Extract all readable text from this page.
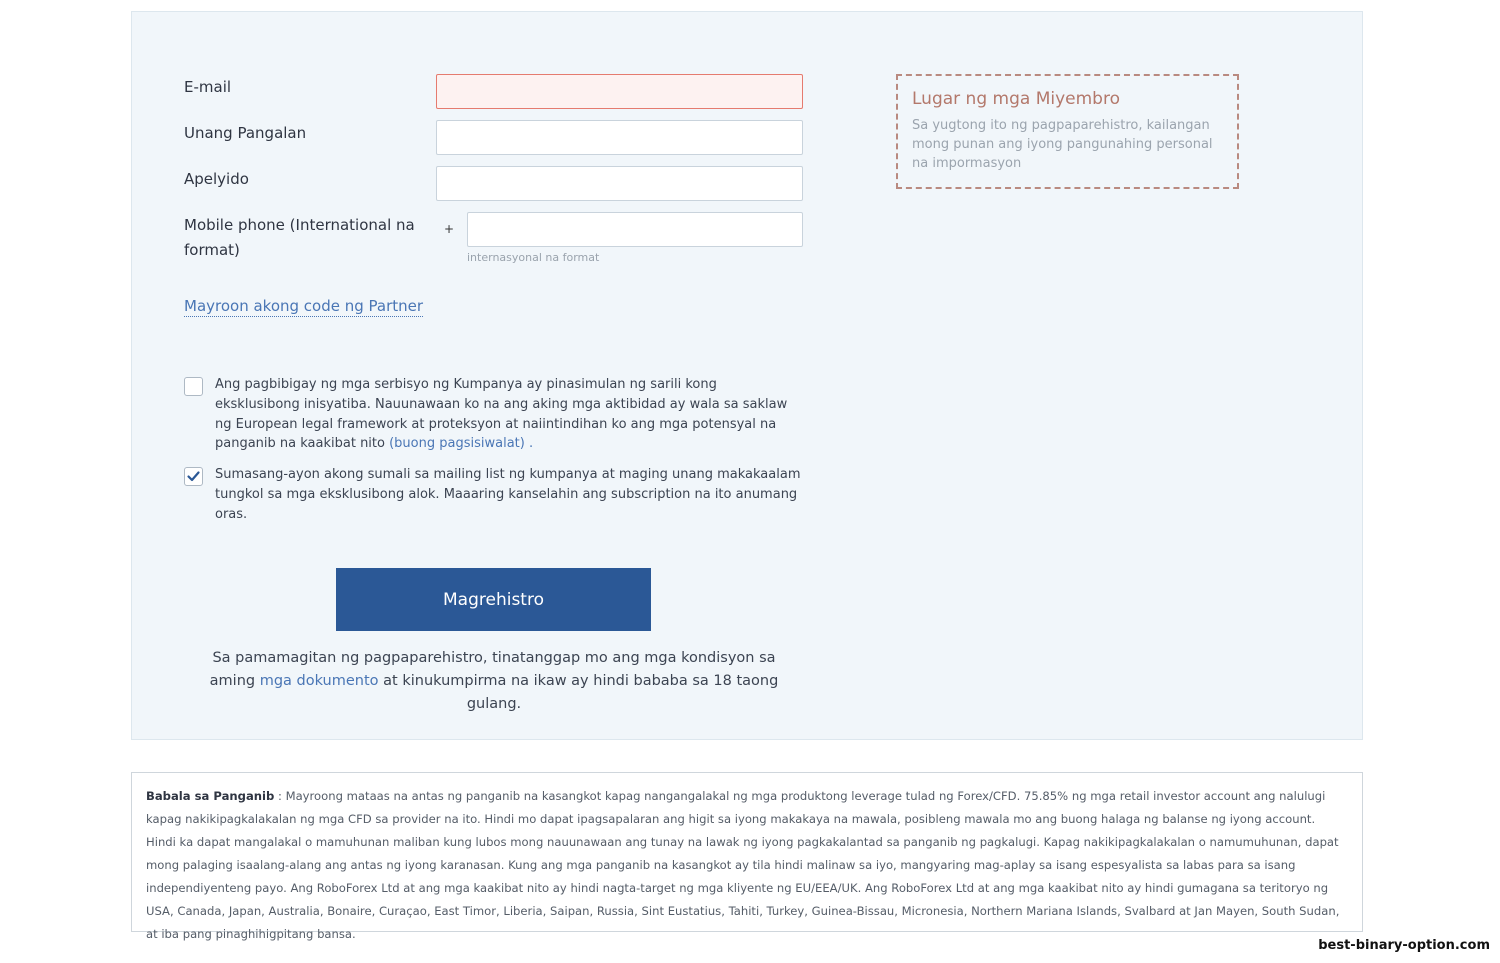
E-mail
Unang Pangalan
Apelyido
Mobile phone (International na format)
+
internasyonal na format
Mayroon akong code ng Partner
Ang pagbibigay ng mga serbisyo ng Kumpanya ay pinasimulan ng sarili kong eksklusibong inisyatiba. Nauunawaan ko na ang aking mga aktibidad ay wala sa saklaw ng European legal framework at proteksyon at naiintindihan ko ang mga potensyal na panganib na kaakibat nito (buong pagsisiwalat) .
Sumasang-ayon akong sumali sa mailing list ng kumpanya at maging unang makakaalam tungkol sa mga eksklusibong alok. Maaaring kanselahin ang subscription na ito anumang oras.
Magrehistro
Sa pamamagitan ng pagpaparehistro, tinatanggap mo ang mga kondisyon sa aming mga dokumento at kinukumpirma na ikaw ay hindi bababa sa 18 taong gulang.
Lugar ng mga Miyembro
Sa yugtong ito ng pagpaparehistro, kailangan mong punan ang iyong pangunahing personal na impormasyon
Babala sa Panganib : Mayroong mataas na antas ng panganib na kasangkot kapag nangangalakal ng mga produktong leverage tulad ng Forex/CFD. 75.85% ng mga retail investor account ang nalulugi kapag nakikipagkalakalan ng mga CFD sa provider na ito. Hindi mo dapat ipagsapalaran ang higit sa iyong makakaya na mawala, posibleng mawala mo ang buong halaga ng balanse ng iyong account. Hindi ka dapat mangalakal o mamuhunan maliban kung lubos mong nauunawaan ang tunay na lawak ng iyong pagkakalantad sa panganib ng pagkalugi. Kapag nakikipagkalakalan o namumuhunan, dapat mong palaging isaalang-alang ang antas ng iyong karanasan. Kung ang mga panganib na kasangkot ay tila hindi malinaw sa iyo, mangyaring mag-aplay sa isang espesyalista sa labas para sa isang independiyenteng payo. Ang RoboForex Ltd at ang mga kaakibat nito ay hindi nagta-target ng mga kliyente ng EU/EEA/UK. Ang RoboForex Ltd at ang mga kaakibat nito ay hindi gumagana sa teritoryo ng USA, Canada, Japan, Australia, Bonaire, Curaçao, East Timor, Liberia, Saipan, Russia, Sint Eustatius, Tahiti, Turkey, Guinea-Bissau, Micronesia, Northern Mariana Islands, Svalbard at Jan Mayen, South Sudan, at iba pang pinaghihigpitang bansa.
best-binary-option.com
